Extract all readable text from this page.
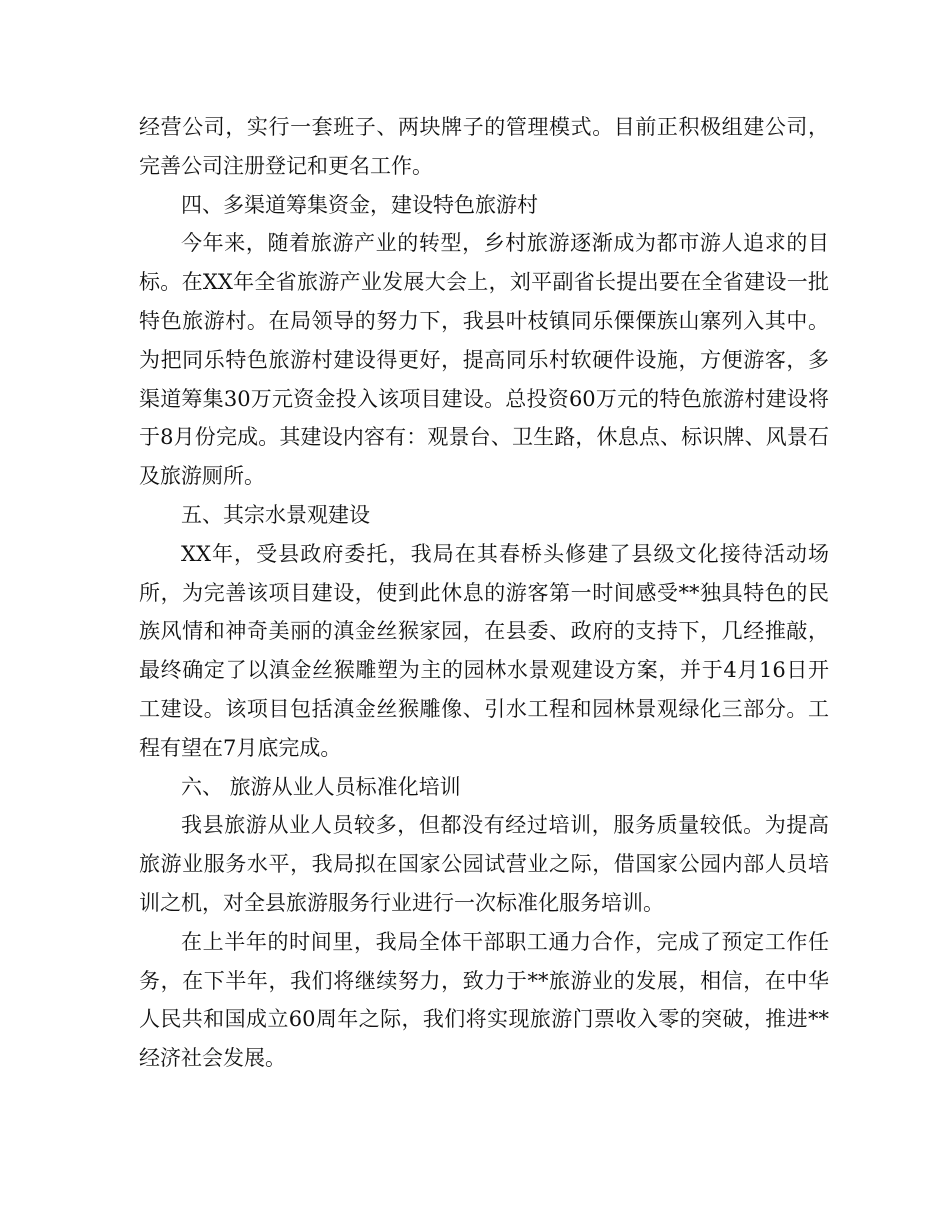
经营公司，实行一套班子、两块牌子的管理模式。目前正积极组建公司，完善公司注册登记和更名工作。

四、多渠道筹集资金，建设特色旅游村

今年来，随着旅游产业的转型，乡村旅游逐渐成为都市游人追求的目标。在XX年全省旅游产业发展大会上，刘平副省长提出要在全省建设一批特色旅游村。在局领导的努力下，我县叶枝镇同乐傈傈族山寨列入其中。为把同乐特色旅游村建设得更好，提高同乐村软硬件设施，方便游客，多渠道筹集30万元资金投入该项目建设。总投资60万元的特色旅游村建设将于8月份完成。其建设内容有：观景台、卫生路，休息点、标识牌、风景石及旅游厕所。

五、其宗水景观建设

XX年，受县政府委托，我局在其春桥头修建了县级文化接待活动场所，为完善该项目建设，使到此休息的游客第一时间感受**独具特色的民族风情和神奇美丽的滇金丝猴家园，在县委、政府的支持下，几经推敲，最终确定了以滇金丝猴雕塑为主的园林水景观建设方案，并于4月16日开工建设。该项目包括滇金丝猴雕像、引水工程和园林景观绿化三部分。工程有望在7月底完成。

六、 旅游从业人员标准化培训

我县旅游从业人员较多，但都没有经过培训，服务质量较低。为提高旅游业服务水平，我局拟在国家公园试营业之际，借国家公园内部人员培训之机，对全县旅游服务行业进行一次标准化服务培训。

在上半年的时间里，我局全体干部职工通力合作，完成了预定工作任务，在下半年，我们将继续努力，致力于**旅游业的发展，相信，在中华人民共和国成立60周年之际，我们将实现旅游门票收入零的突破，推进**经济社会发展。
